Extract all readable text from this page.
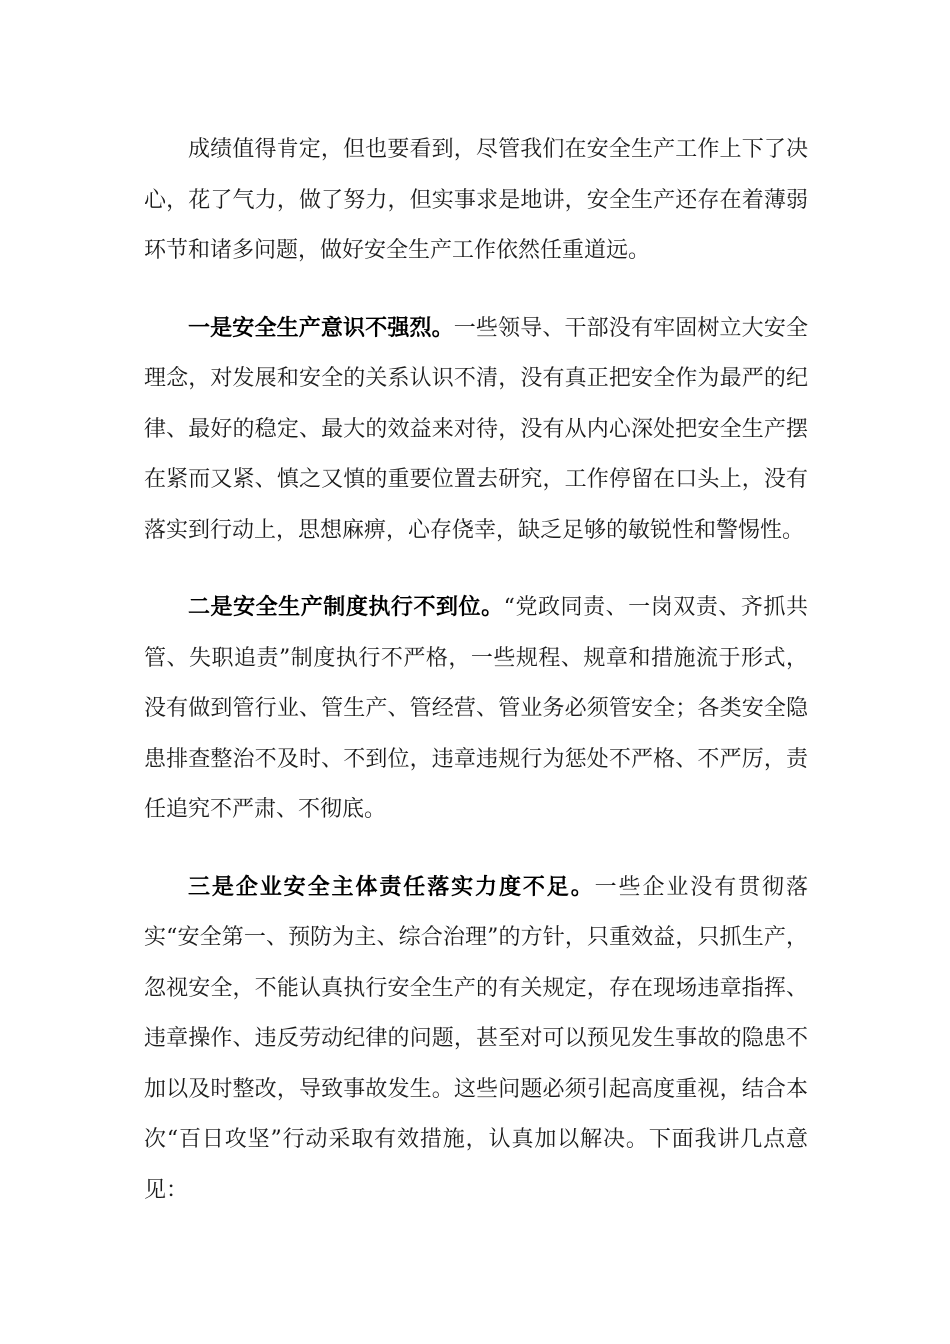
成绩值得肯定，但也要看到，尽管我们在安全生产工作上下了决心，花了气力，做了努力，但实事求是地讲，安全生产还存在着薄弱环节和诸多问题，做好安全生产工作依然任重道远。

一是安全生产意识不强烈。一些领导、干部没有牢固树立大安全理念，对发展和安全的关系认识不清，没有真正把安全作为最严的纪律、最好的稳定、最大的效益来对待，没有从内心深处把安全生产摆在紧而又紧、慎之又慎的重要位置去研究，工作停留在口头上，没有落实到行动上，思想麻痹，心存侥幸，缺乏足够的敏锐性和警惕性。

二是安全生产制度执行不到位。“党政同责、一岗双责、齐抓共管、失职追责”制度执行不严格，一些规程、规章和措施流于形式，没有做到管行业、管生产、管经营、管业务必须管安全；各类安全隐患排查整治不及时、不到位，违章违规行为惩处不严格、不严厉，责任追究不严肃、不彻底。

三是企业安全主体责任落实力度不足。一些企业没有贯彻落实“安全第一、预防为主、综合治理”的方针，只重效益，只抓生产，忽视安全，不能认真执行安全生产的有关规定，存在现场违章指挥、违章操作、违反劳动纪律的问题，甚至对可以预见发生事故的隐患不加以及时整改，导致事故发生。这些问题必须引起高度重视，结合本次“百日攻坚”行动采取有效措施，认真加以解决。下面我讲几点意见：
